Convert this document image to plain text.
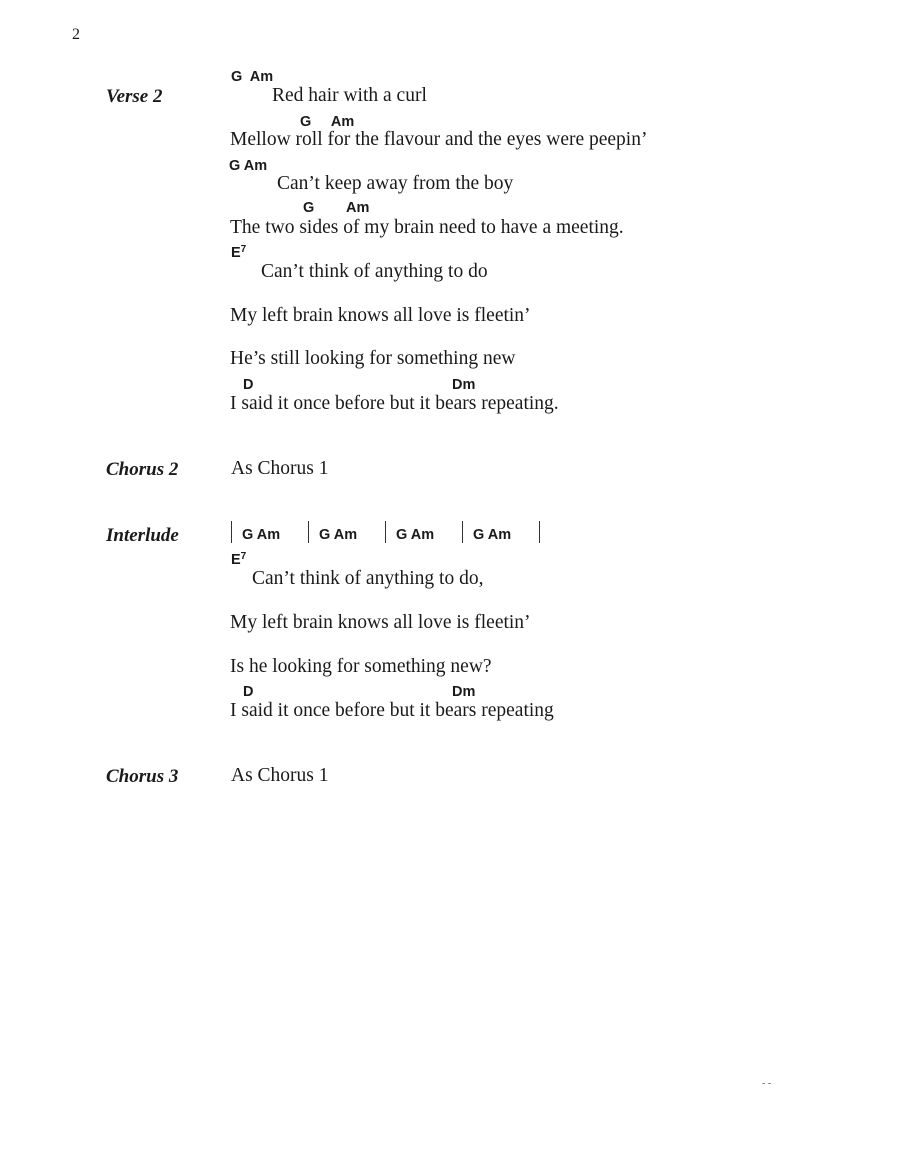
2
Verse 2
G  Am
Red hair with a curl
G     Am
Mellow roll for the flavour and the eyes were peepin’
G Am
Can’t keep away from the boy
G        Am
The two sides of my brain need to have a meeting.
$E^7$
Can’t think of anything to do
My left brain knows all love is fleetin’
He’s still looking for something new
D	Dm
I said it once before but it bears repeating.
Chorus 2	As Chorus 1
Interlude	G Am	G Am	G Am	G Am
$E^7$
Can’t think of anything to do,
My left brain knows all love is fleetin’
Is he looking for something new?
D	Dm
I said it once before but it bears repeating
Chorus 3	As Chorus 1
- -
